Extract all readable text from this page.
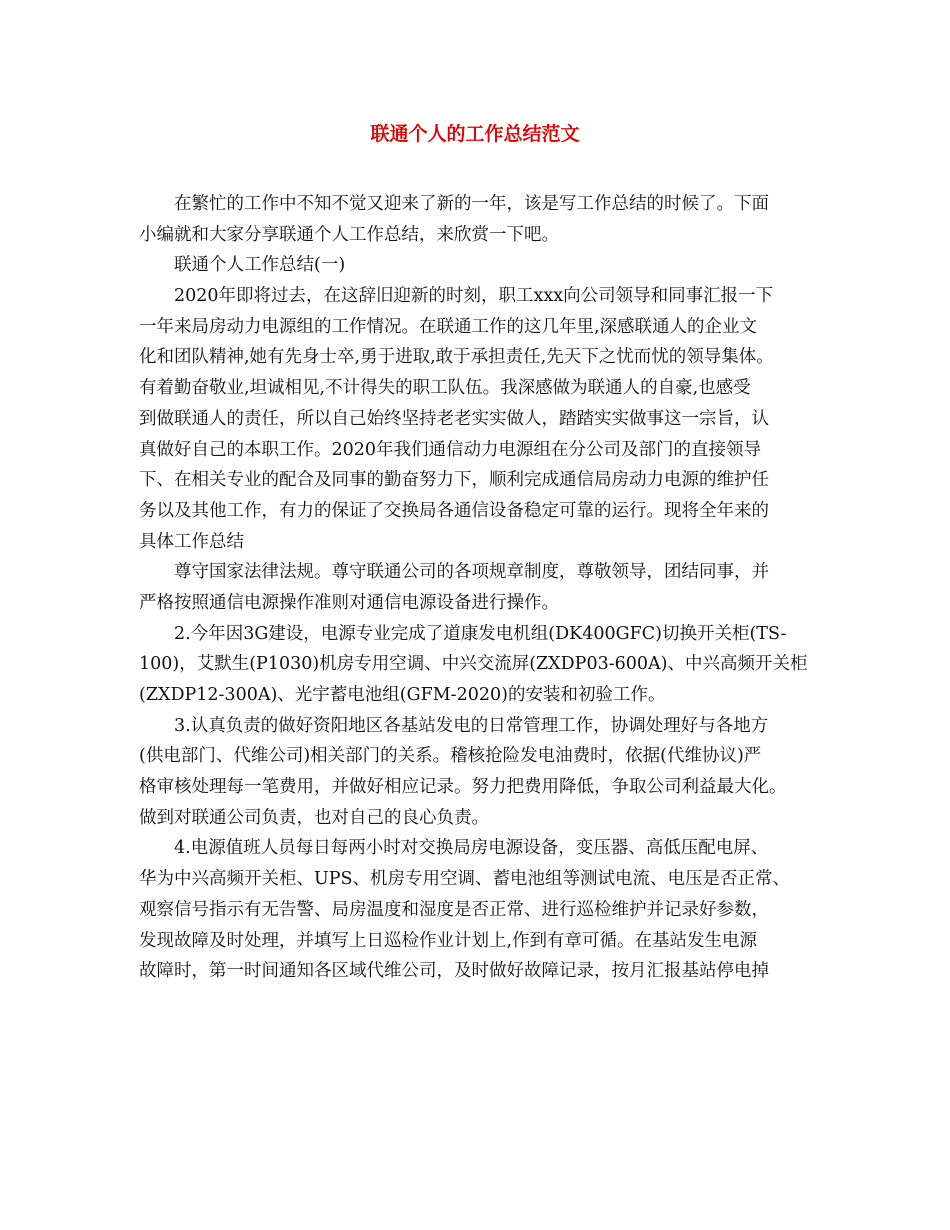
联通个人的工作总结范文
在繁忙的工作中不知不觉又迎来了新的一年，该是写工作总结的时候了。下面
小编就和大家分享联通个人工作总结，来欣赏一下吧。
联通个人工作总结(一)
2020年即将过去，在这辞旧迎新的时刻，职工xxx向公司领导和同事汇报一下
一年来局房动力电源组的工作情况。在联通工作的这几年里,深感联通人的企业文
化和团队精神,她有先身士卒,勇于进取,敢于承担责任,先天下之忧而忧的领导集体。
有着勤奋敬业,坦诚相见,不计得失的职工队伍。我深感做为联通人的自豪,也感受
到做联通人的责任，所以自己始终坚持老老实实做人，踏踏实实做事这一宗旨，认
真做好自己的本职工作。2020年我们通信动力电源组在分公司及部门的直接领导
下、在相关专业的配合及同事的勤奋努力下，顺利完成通信局房动力电源的维护任
务以及其他工作，有力的保证了交换局各通信设备稳定可靠的运行。现将全年来的
具体工作总结
尊守国家法律法规。尊守联通公司的各项规章制度，尊敬领导，团结同事，并
严格按照通信电源操作准则对通信电源设备进行操作。
2.今年因3G建设，电源专业完成了道康发电机组(DK400GFC)切换开关柜(TS-
100)，艾默生(P1030)机房专用空调、中兴交流屏(ZXDP03-600A)、中兴高频开关柜
(ZXDP12-300A)、光宇蓄电池组(GFM-2020)的安装和初验工作。
3.认真负责的做好资阳地区各基站发电的日常管理工作，协调处理好与各地方
(供电部门、代维公司)相关部门的关系。稽核抢险发电油费时，依据(代维协议)严
格审核处理每一笔费用，并做好相应记录。努力把费用降低，争取公司利益最大化。
做到对联通公司负责，也对自己的良心负责。
4.电源值班人员每日每两小时对交换局房电源设备，变压器、高低压配电屏、
华为中兴高频开关柜、UPS、机房专用空调、蓄电池组等测试电流、电压是否正常、
观察信号指示有无告警、局房温度和湿度是否正常、进行巡检维护并记录好参数，
发现故障及时处理，并填写上日巡检作业计划上,作到有章可循。在基站发生电源
故障时，第一时间通知各区域代维公司，及时做好故障记录，按月汇报基站停电掉
